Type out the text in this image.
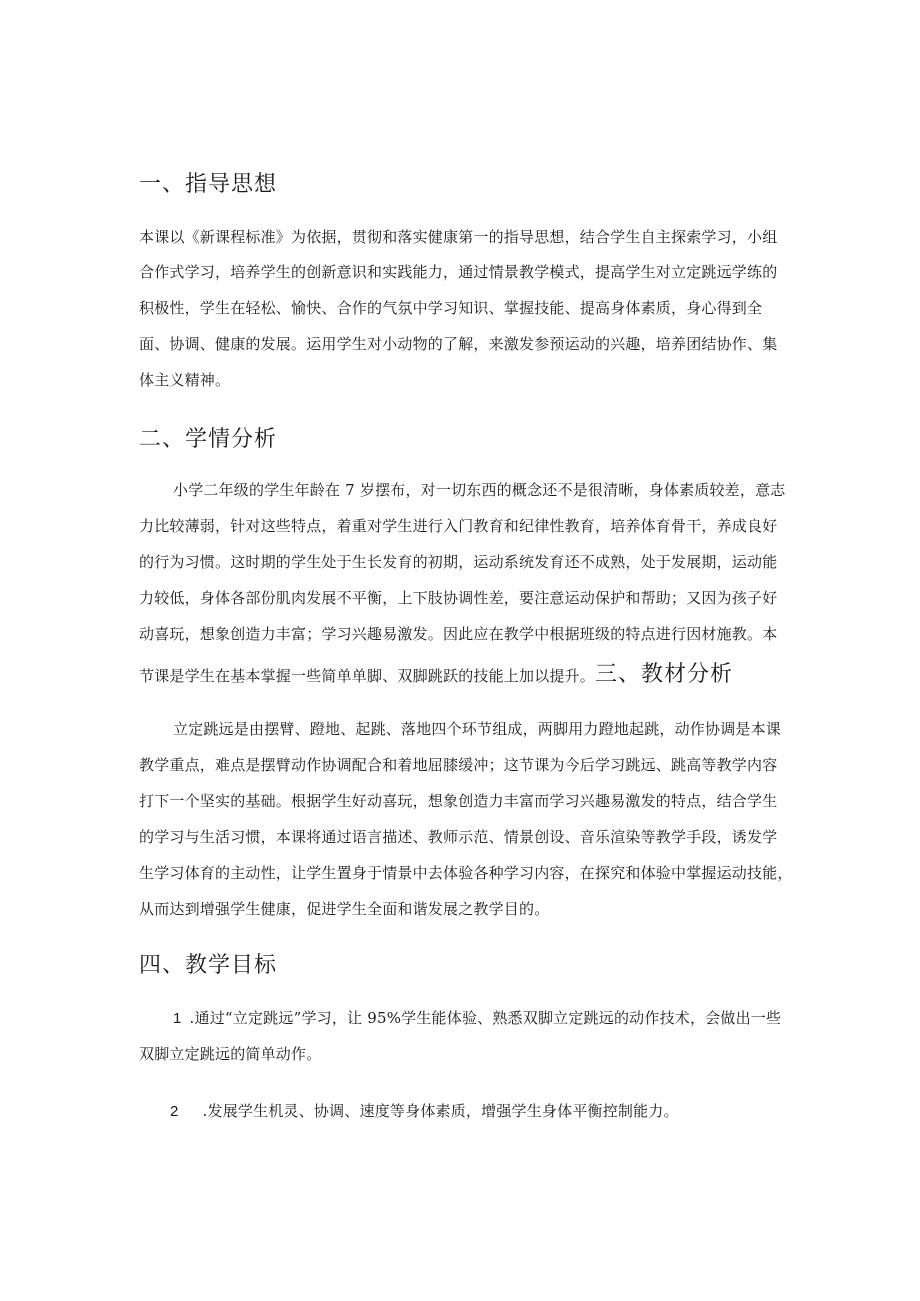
一、指导思想

本课以《新课程标准》为依据，贯彻和落实健康第一的指导思想，结合学生自主探索学习，小组

合作式学习，培养学生的创新意识和实践能力，通过情景教学模式，提高学生对立定跳远学练的

积极性，学生在轻松、愉快、合作的气氛中学习知识、掌握技能、提高身体素质，身心得到全

面、协调、健康的发展。运用学生对小动物的了解，来激发参预运动的兴趣，培养团结协作、集

体主义精神。

二、学情分析

小学二年级的学生年龄在 7 岁摆布，对一切东西的概念还不是很清晰，身体素质较差，意志

力比较薄弱，针对这些特点，着重对学生进行入门教育和纪律性教育，培养体育骨干，养成良好

的行为习惯。这时期的学生处于生长发育的初期，运动系统发育还不成熟，处于发展期，运动能

力较低，身体各部份肌肉发展不平衡，上下肢协调性差，要注意运动保护和帮助；又因为孩子好

动喜玩，想象创造力丰富；学习兴趣易激发。因此应在教学中根据班级的特点进行因材施教。本

节课是学生在基本掌握一些简单单脚、双脚跳跃的技能上加以提升。三、教材分析

立定跳远是由摆臂、蹬地、起跳、落地四个环节组成，两脚用力蹬地起跳，动作协调是本课

教学重点，难点是摆臂动作协调配合和着地屈膝缓冲；这节课为今后学习跳远、跳高等教学内容

打下一个坚实的基础。根据学生好动喜玩，想象创造力丰富而学习兴趣易激发的特点，结合学生

的学习与生活习惯，本课将通过语言描述、教师示范、情景创设、音乐渲染等教学手段，诱发学

生学习体育的主动性，让学生置身于情景中去体验各种学习内容，在探究和体验中掌握运动技能，

从而达到增强学生健康，促进学生全面和谐发展之教学目的。

四、教学目标

1 .通过“立定跳远”学习，让 95%学生能体验、熟悉双脚立定跳远的动作技术，会做出一些

双脚立定跳远的简单动作。

2 .发展学生机灵、协调、速度等身体素质，增强学生身体平衡控制能力。
